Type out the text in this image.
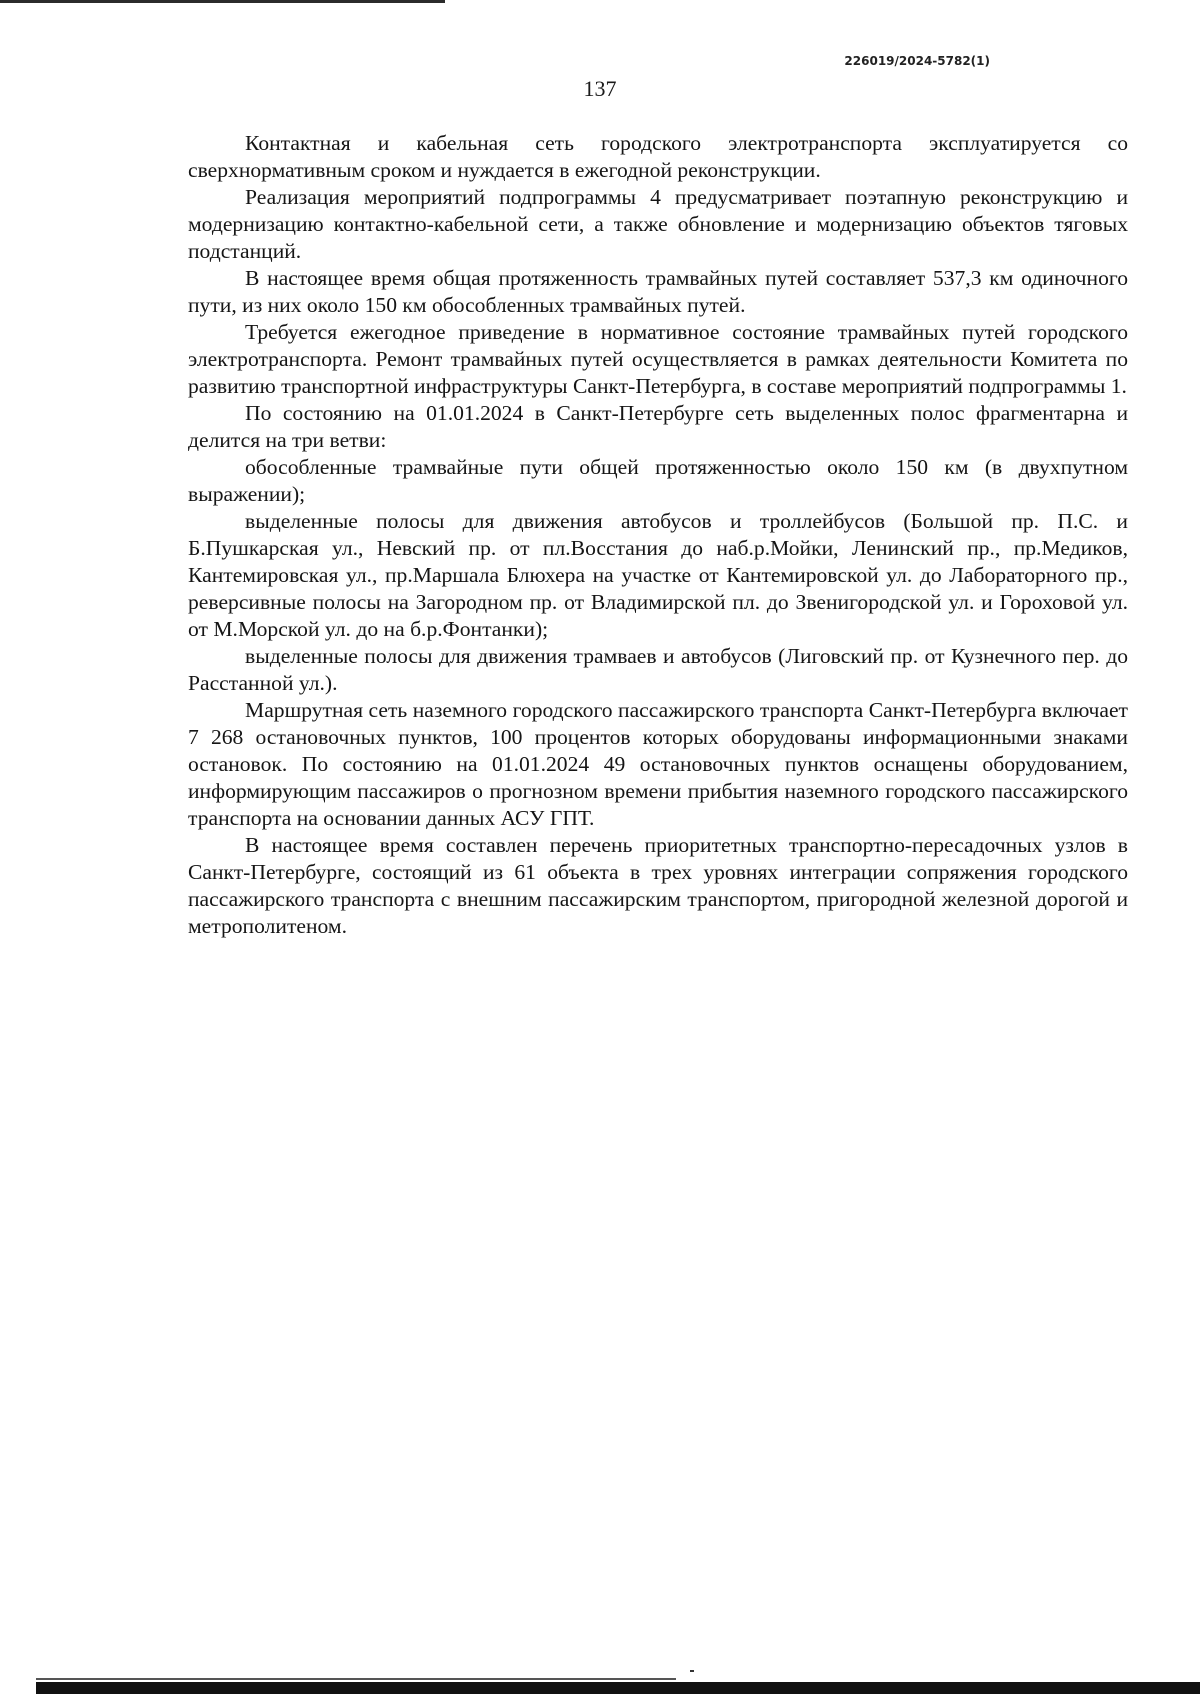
226019/2024-5782(1)
137

Контактная и кабельная сеть городского электротранспорта эксплуатируется со сверхнормативным сроком и нуждается в ежегодной реконструкции.

Реализация мероприятий подпрограммы 4 предусматривает поэтапную реконструкцию и модернизацию контактно-кабельной сети, а также обновление и модернизацию объектов тяговых подстанций.

В настоящее время общая протяженность трамвайных путей составляет 537,3 км одиночного пути, из них около 150 км обособленных трамвайных путей.

Требуется ежегодное приведение в нормативное состояние трамвайных путей городского электротранспорта. Ремонт трамвайных путей осуществляется в рамках деятельности Комитета по развитию транспортной инфраструктуры Санкт-Петербурга, в составе мероприятий подпрограммы 1.

По состоянию на 01.01.2024 в Санкт-Петербурге сеть выделенных полос фрагментарна и делится на три ветви:

обособленные трамвайные пути общей протяженностью около 150 км (в двухпутном выражении);

выделенные полосы для движения автобусов и троллейбусов (Большой пр. П.С. и Б.Пушкарская ул., Невский пр. от пл.Восстания до наб.р.Мойки, Ленинский пр., пр.Медиков, Кантемировская ул., пр.Маршала Блюхера на участке от Кантемировской ул. до Лабораторного пр., реверсивные полосы на Загородном пр. от Владимирской пл. до Звенигородской ул. и Гороховой ул. от М.Морской ул. до на б.р.Фонтанки);

выделенные полосы для движения трамваев и автобусов (Лиговский пр. от Кузнечного пер. до Расстанной ул.).

Маршрутная сеть наземного городского пассажирского транспорта Санкт-Петербурга включает 7 268 остановочных пунктов, 100 процентов которых оборудованы информационными знаками остановок. По состоянию на 01.01.2024 49 остановочных пунктов оснащены оборудованием, информирующим пассажиров о прогнозном времени прибытия наземного городского пассажирского транспорта на основании данных АСУ ГПТ.

В настоящее время составлен перечень приоритетных транспортно-пересадочных узлов в Санкт-Петербурге, состоящий из 61 объекта в трех уровнях интеграции сопряжения городского пассажирского транспорта с внешним пассажирским транспортом, пригородной железной дорогой и метрополитеном.
